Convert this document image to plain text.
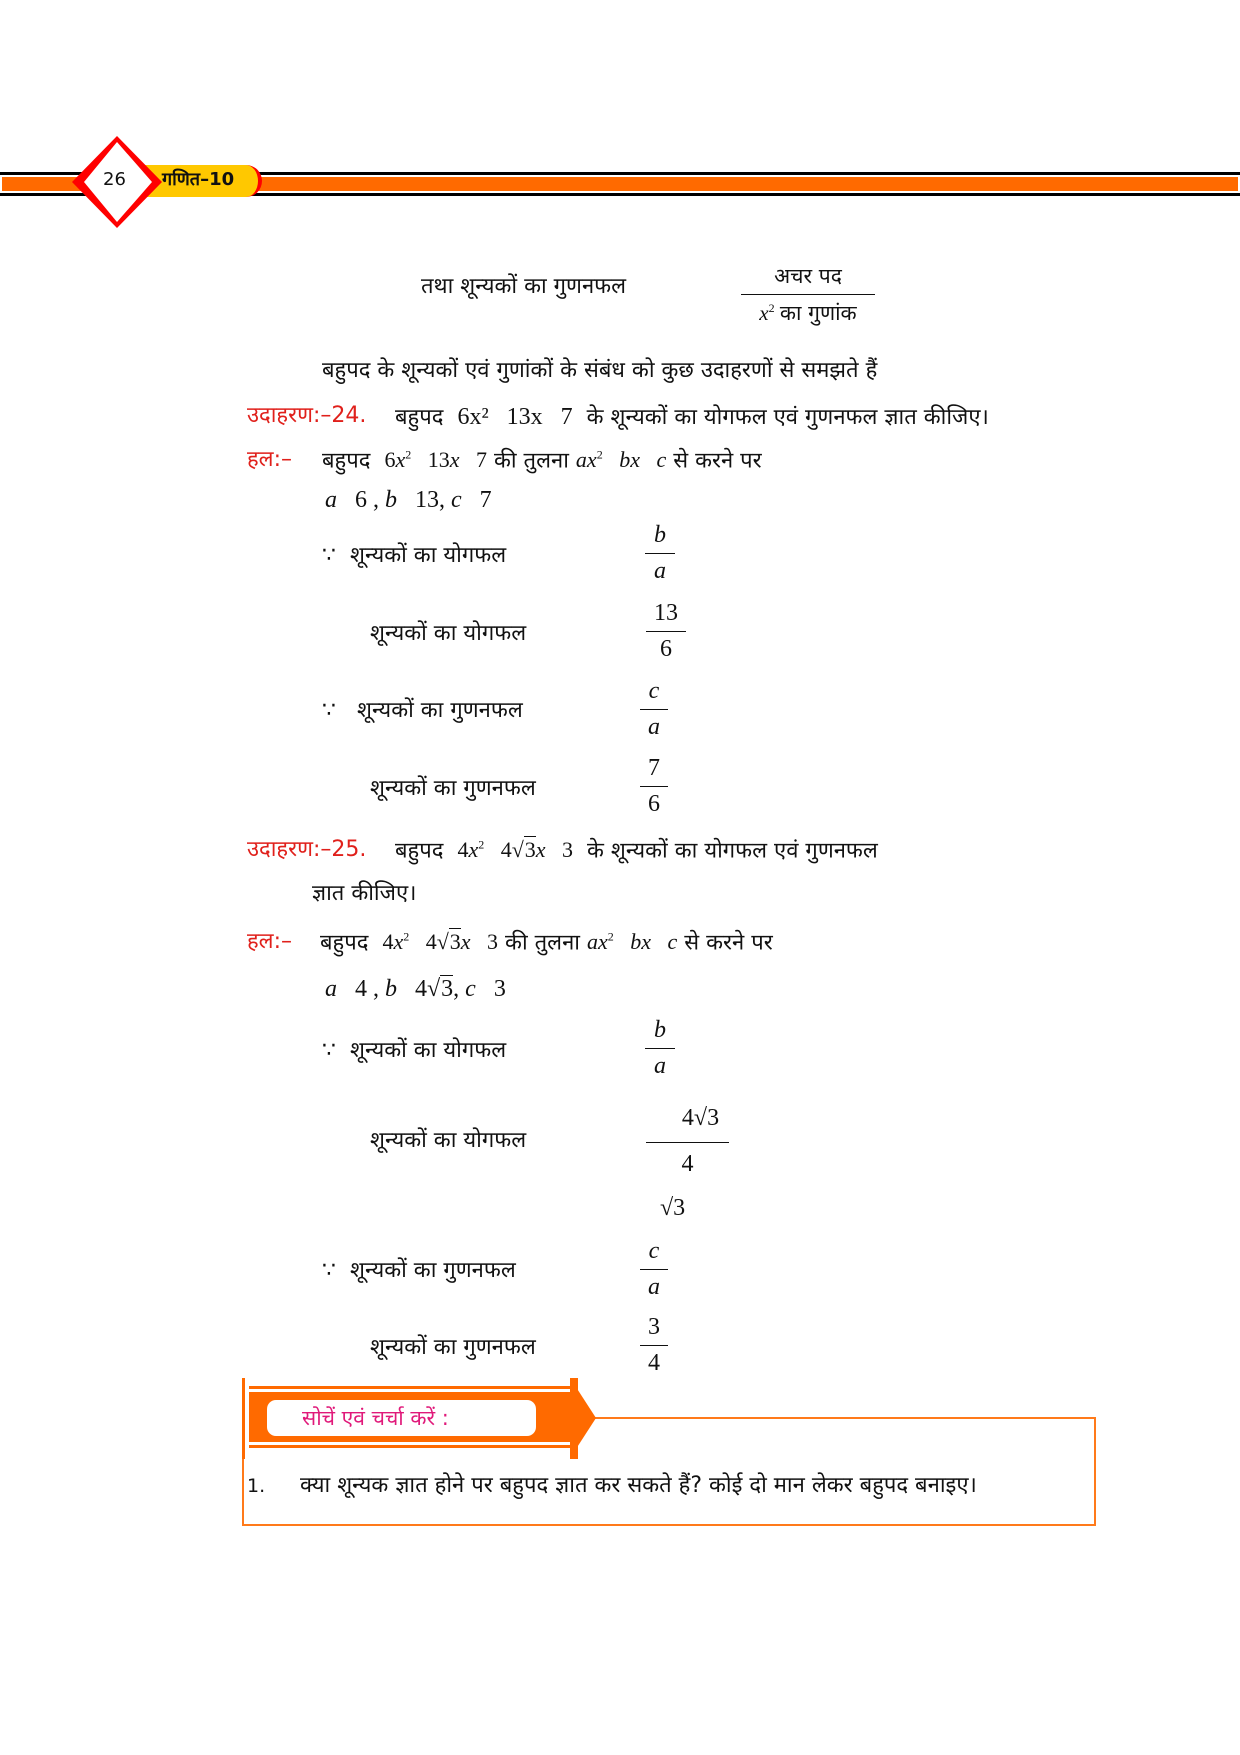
गणित–10
26
तथा शून्यकों का गुणनफल	अचर पद
$x^2$ का गुणांक
बहुपद के शून्यकों एवं गुणांकों के संबंध को कुछ उदाहरणों से समझते हैं
उदाहरण:–24. बहुपद 6x² 13x 7 के शून्यकों का योगफल एवं गुणनफल ज्ञात कीजिए।
हल:– बहुपद $6x^2$   13x   7 की तुलना $ax^2$   bx   c से करने पर
a   6 , b   13, c   7
∵ शून्यकों का योगफल	$\frac{b}{a}$
शून्यकों का योगफल	$\frac{13}{6}$
∵ शून्यकों का गुणनफल	$\frac{c}{a}$
शून्यकों का गुणनफल	$\frac{7}{6}$
उदाहरण:–25. बहुपद $4x^2$   4√3x   3 के शून्यकों का योगफल एवं गुणनफल
ज्ञात कीजिए।
हल:– बहुपद $4x^2$   4√3x   3 की तुलना $ax^2$   bx   c से करने पर
a   4 , b   4√3, c   3
∵ शून्यकों का योगफल	$\frac{b}{a}$
शून्यकों का योगफल	$\frac{4√3}{4}$
√3
∵ शून्यकों का गुणनफल	$\frac{c}{a}$
शून्यकों का गुणनफल	$\frac{3}{4}$
सोचें एवं चर्चा करें :
1. क्या शून्यक ज्ञात होने पर बहुपद ज्ञात कर सकते हैं? कोई दो मान लेकर बहुपद बनाइए।
